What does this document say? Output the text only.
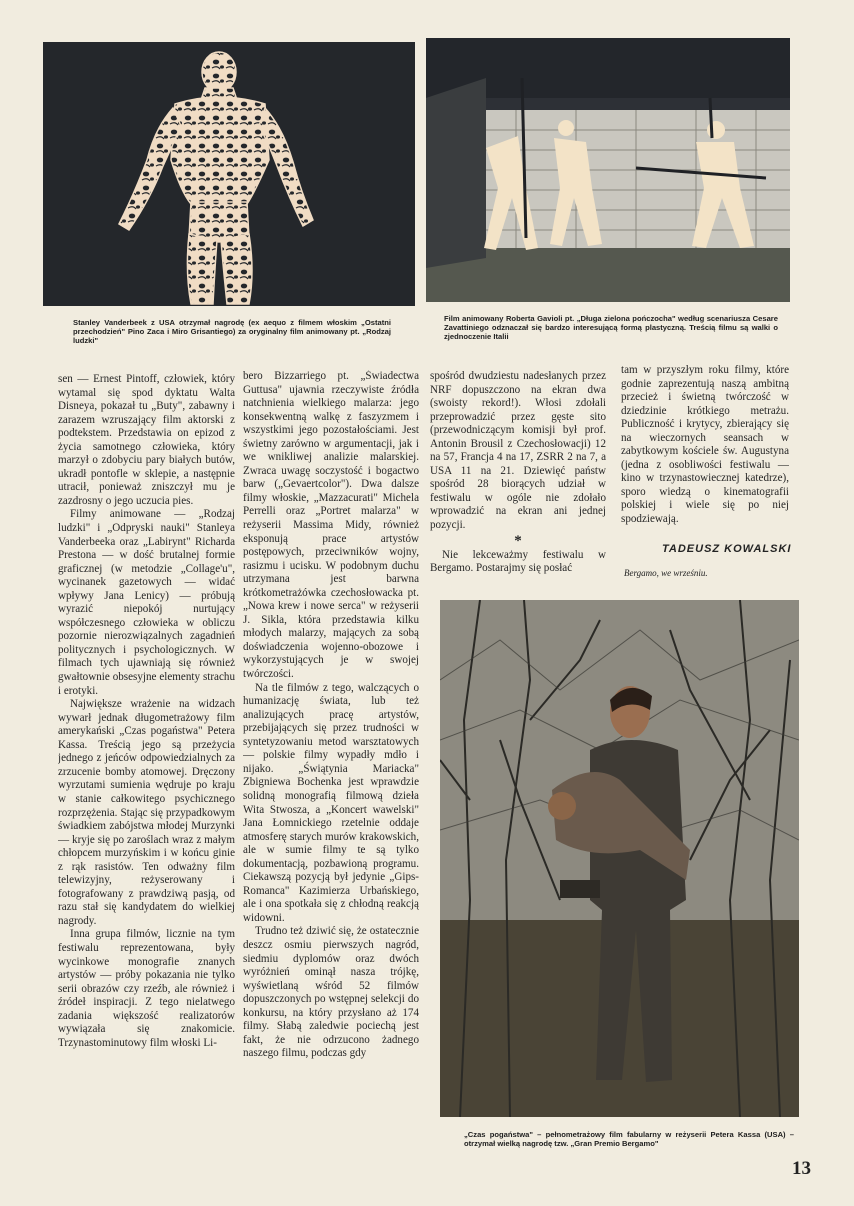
Stanley Vanderbeek z USA otrzymał nagrodę (ex aequo z filmem włoskim „Ostatni przechodzień" Pino Zaca i Miro Grisantiego) za oryginalny film animowany pt. „Rodzaj ludzki"
Film animowany Roberta Gavioli pt. „Długa zielona pończocha" według scenariusza Cesare Zavattiniego odznaczał się bardzo interesującą formą plastyczną. Treścią filmu są walki o zjednoczenie Italii

sen — Ernest Pintoff, człowiek, który wytamal się spod dyktatu Walta Disneya, pokazał tu „Buty", zabawny i zarazem wzruszający film aktorski z podtekstem. Przedstawia on epizod z życia samotnego człowieka, który marzył o zdobyciu pary białych butów, ukradł pontofle w sklepie, a następnie utracił, ponieważ zniszczył mu je zazdrosny o jego uczucia pies.

Filmy animowane — „Rodzaj ludzki" i „Odpryski nauki" Stanleya Vanderbeeka oraz „Labirynt" Richarda Prestona — w dość brutalnej formie graficznej (w metodzie „Collage'u", wycinanek gazetowych — widać wpływy Jana Lenicy) — próbują wyrazić niepokój nurtujący współczesnego człowieka w obliczu pozornie nierozwiązalnych zagadnień politycznych i psychologicznych. W filmach tych ujawniają się również gwałtownie obsesyjne elementy strachu i erotyki.

Największe wrażenie na widzach wywarł jednak długometrażowy film amerykański „Czas pogaństwa" Petera Kassa. Treścią jego są przeżycia jednego z jeńców odpowiedzialnych za zrzucenie bomby atomowej. Dręczony wyrzutami sumienia wędruje po kraju w stanie całkowitego psychicznego rozprzężenia. Stając się przypadkowym świadkiem zabójstwa młodej Murzynki — kryje się po zaroślach wraz z małym chłopcem murzyńskim i w końcu ginie z rąk rasistów. Ten odważny film telewizyjny, reżyserowany i fotografowany z prawdziwą pasją, od razu stał się kandydatem do wielkiej nagrody.

Inna grupa filmów, licznie na tym festiwalu reprezentowana, były wycinkowe monografie znanych artystów — próby pokazania nie tylko serii obrazów czy rzeźb, ale również i źródeł inspiracji. Z tego nielatwego zadania większość realizatorów wywiązała się znakomicie. Trzynastominutowy film włoski Li-

bero Bizzarriego pt. „Świadectwa Guttusa" ujawnia rzeczywiste źródła natchnienia wielkiego malarza: jego konsekwentną walkę z faszyzmem i wszystkimi jego pozostałościami. Jest świetny zarówno w argumentacji, jak i we wnikliwej analizie malarskiej. Zwraca uwagę soczystość i bogactwo barw („Gevaertcolor"). Dwa dalsze filmy włoskie, „Mazzacurati" Michela Perrelli oraz „Portret malarza" w reżyserii Massima Midy, również eksponują prace artystów postępowych, przeciwników wojny, rasizmu i ucisku. W podobnym duchu utrzymana jest barwna krótkometrażówka czechosłowacka pt. „Nowa krew i nowe serca" w reżyserii J. Sikla, która przedstawia kilku młodych malarzy, mających za sobą doświadczenia wojenno-obozowe i wykorzystujących je w swojej twórczości.

Na tle filmów z tego, walczących o humanizację świata, lub też analizujących pracę artystów, przebijających się przez trudności w syntetyzowaniu metod warsztatowych — polskie filmy wypadły mdło i nijako. „Świątynia Mariacka" Zbigniewa Bochenka jest wprawdzie solidną monografią filmową dzieła Wita Stwosza, a „Koncert wawelski" Jana Łomnickiego rzetelnie oddaje atmosferę starych murów krakowskich, ale w sumie filmy te są tylko dokumentacją, pozbawioną programu. Ciekawszą pozycją był jedynie „Gips-Romanca" Kazimierza Urbańskiego, ale i ona spotkała się z chłodną reakcją widowni.

Trudno też dziwić się, że ostatecznie deszcz osmiu pierwszych nagród, siedmiu dyplomów oraz dwóch wyróżnień ominął nasza trójkę, wyświetlaną wśród 52 filmów dopuszczonych po wstępnej selekcji do konkursu, na który przysłano aż 174 filmy. Słabą zaledwie pociechą jest fakt, że nie odrzucono żadnego naszego filmu, podczas gdy

spośród dwudziestu nadesłanych przez NRF dopuszczono na ekran dwa (swoisty rekord!). Włosi zdołali przeprowadzić przez gęste sito (przewodniczącym komisji był prof. Antonin Brousil z Czechosłowacji) 12 na 57, Francja 4 na 17, ZSRR 2 na 7, a USA 11 na 21. Dziewięć państw spośród 28 biorących udział w festiwalu w ogóle nie zdołało wprowadzić na ekran ani jednej pozycji.

*

Nie lekceważmy festiwalu w Bergamo. Postarajmy się posłać

tam w przyszłym roku filmy, które godnie zaprezentują naszą ambitną przecież i świetną twórczość w dziedzinie krótkiego metrażu. Publiczność i krytycy, zbierający się na wieczornych seansach w zabytkowym kościele św. Augustyna (jedna z osobliwości festiwalu — kino w trzynastowiecznej katedrze), sporo wiedzą o kinematografii polskiej i wiele się po niej spodziewają.

TADEUSZ KOWALSKI
Bergamo, we wrześniu.
„Czas pogaństwa" – pełnometrażowy film fabularny w reżyserii Petera Kassa (USA) – otrzymał wielką nagrodę tzw. „Gran Premio Bergamo"
13
